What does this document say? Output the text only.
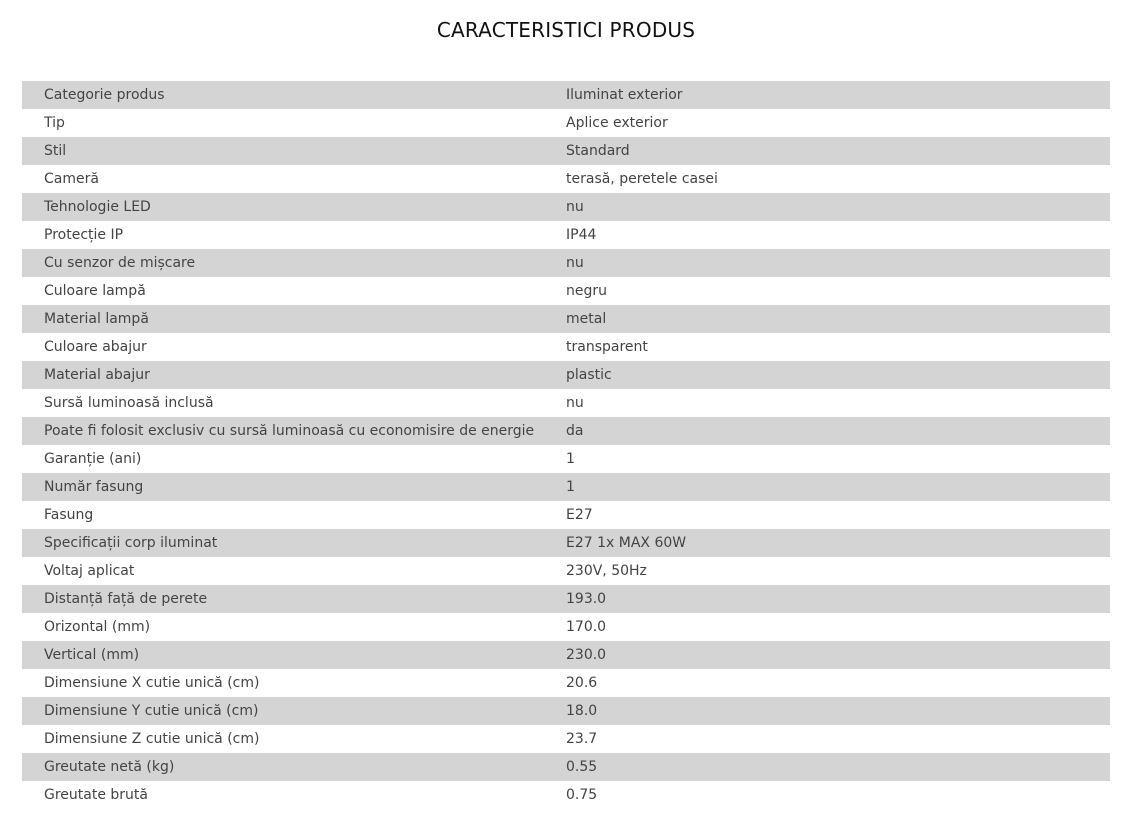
CARACTERISTICI PRODUS
Categorie produs	Iluminat exterior
Tip	Aplice exterior
Stil	Standard
Cameră	terasă, peretele casei
Tehnologie LED	nu
Protecție IP	IP44
Cu senzor de mișcare	nu
Culoare lampă	negru
Material lampă	metal
Culoare abajur	transparent
Material abajur	plastic
Sursă luminoasă inclusă	nu
Poate fi folosit exclusiv cu sursă luminoasă cu economisire de energie	da
Garanție (ani)	1
Număr fasung	1
Fasung	E27
Specificații corp iluminat	E27 1x MAX 60W
Voltaj aplicat	230V, 50Hz
Distanță față de perete	193.0
Orizontal (mm)	170.0
Vertical (mm)	230.0
Dimensiune X cutie unică (cm)	20.6
Dimensiune Y cutie unică (cm)	18.0
Dimensiune Z cutie unică (cm)	23.7
Greutate netă (kg)	0.55
Greutate brută	0.75
